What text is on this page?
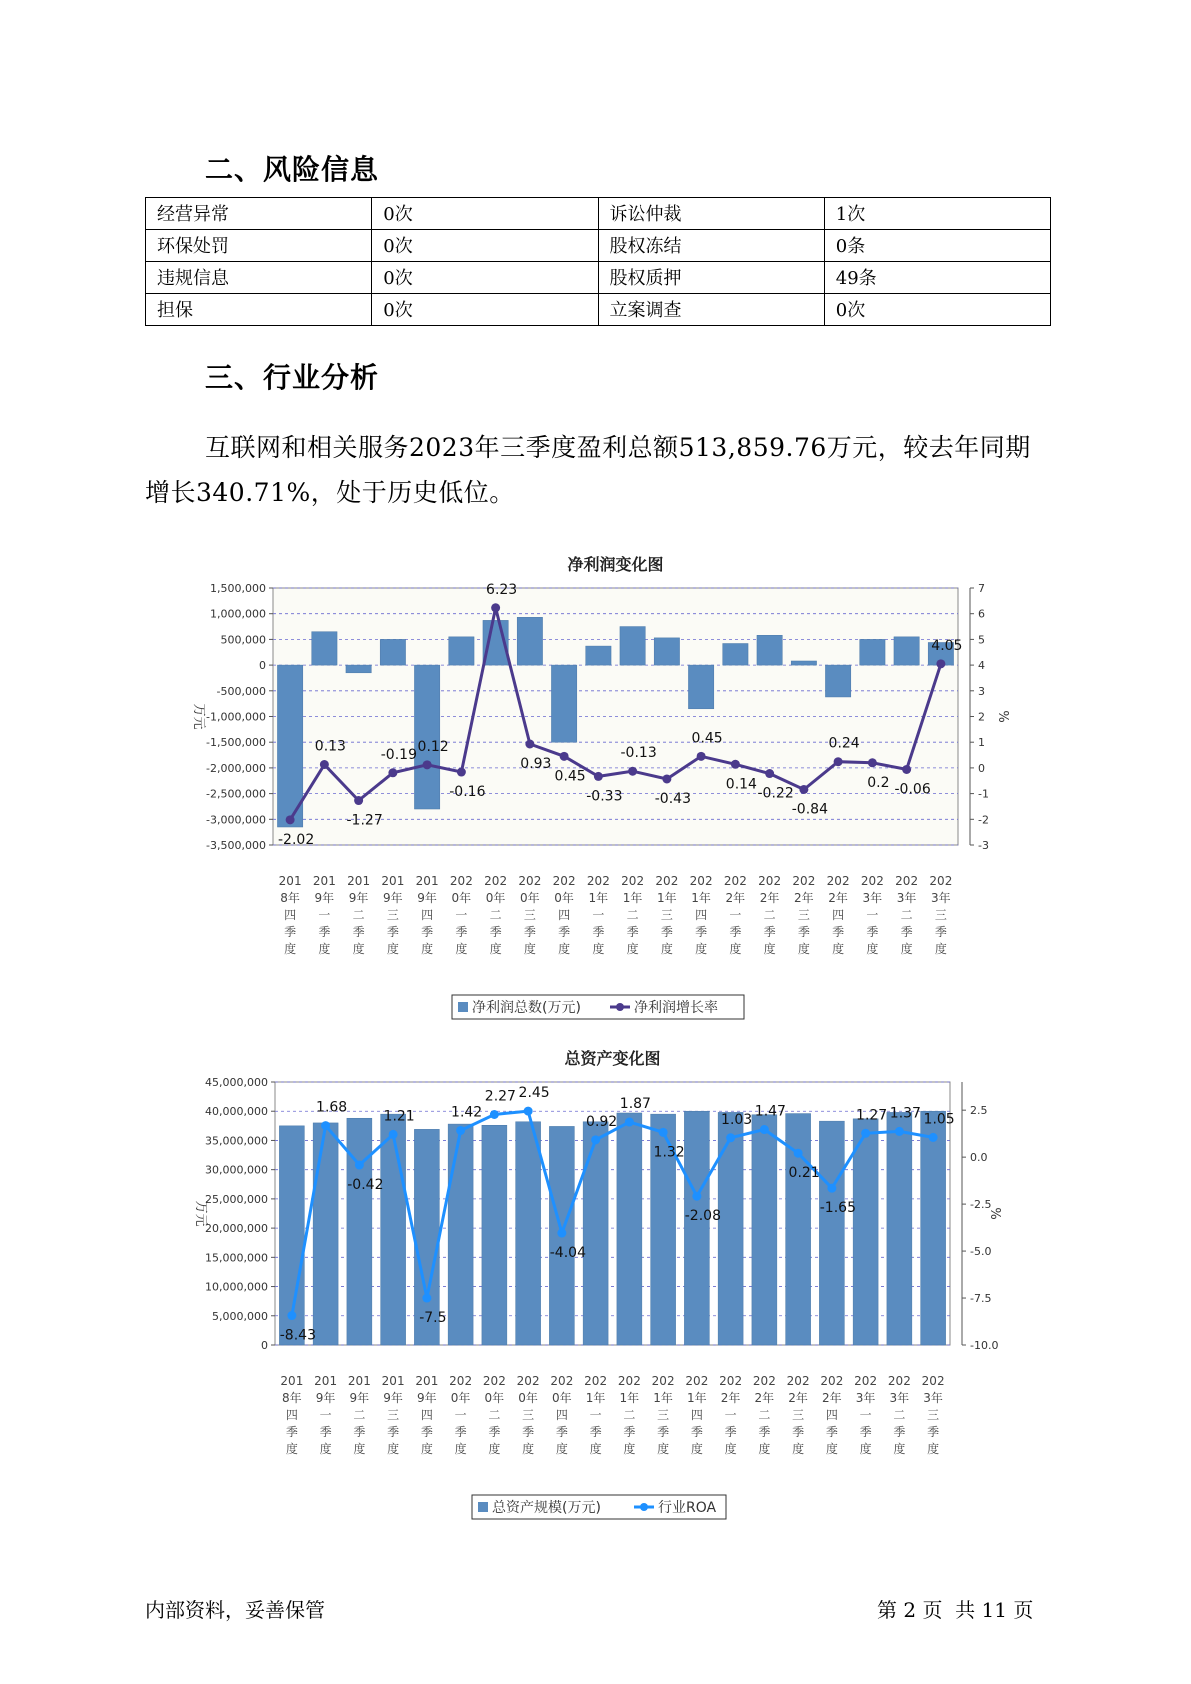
二、风险信息
经营异常	0次	诉讼仲裁	1次
环保处罚	0次	股权冻结	0条
违规信息	0次	股权质押	49条
担保	0次	立案调查	0次
三、行业分析
互联网和相关服务2023年三季度盈利总额513,859.76万元，较去年同期增长340.71%，处于历史低位。
净利润变化图
1,500,000
1,000,000
500,000
0
-500,000
-1,000,000
-1,500,000
-2,000,000
-2,500,000
-3,000,000
-3,500,000
7
6
5
4
3
2
1
0
-1
-2
-3
万元	%
201 8年四季度
201 9年一季度
201 9年二季度
201 9年三季度
201 9年四季度
202 0年一季度
202 0年二季度
202 0年三季度
202 0年四季度
202 1年一季度
202 1年二季度
202 1年三季度
202 1年四季度
202 2年一季度
202 2年二季度
202 2年三季度
202 2年四季度
202 3年一季度
202 3年二季度
202 3年三季度
-2.02
0.13
-1.27
-0.19 0.12
-0.16
6.23
0.93
0.45
-0.33
-0.13
-0.43
0.45
0.14
-0.22
-0.84
0.24
0.2 -0.06
4.05
净利润总数(万元)	净利润增长率
总资产变化图
45,000,000
40,000,000
35,000,000
30,000,000
25,000,000
20,000,000
15,000,000
10,000,000
5,000,000
0
2.5
0.0
-2.5
-5.0
-7.5
-10.0
万元	%
201 8年四季度
201 9年一季度
201 9年二季度
201 9年三季度
201 9年四季度
202 0年一季度
202 0年二季度
202 0年三季度
202 0年四季度
202 1年一季度
202 1年二季度
202 1年三季度
202 1年四季度
202 2年一季度
202 2年二季度
202 2年三季度
202 2年四季度
202 3年一季度
202 3年二季度
202 3年三季度
-8.43
1.68
-0.42
1.21
-7.5
1.42
2.27 2.45
-4.04
0.92
1.87
1.32
-2.08
1.03
1.47
0.21
-1.65
1.27 1.37 1.05
总资产规模(万元)	行业ROA
内部资料，妥善保管	第 2 页  共 11 页
